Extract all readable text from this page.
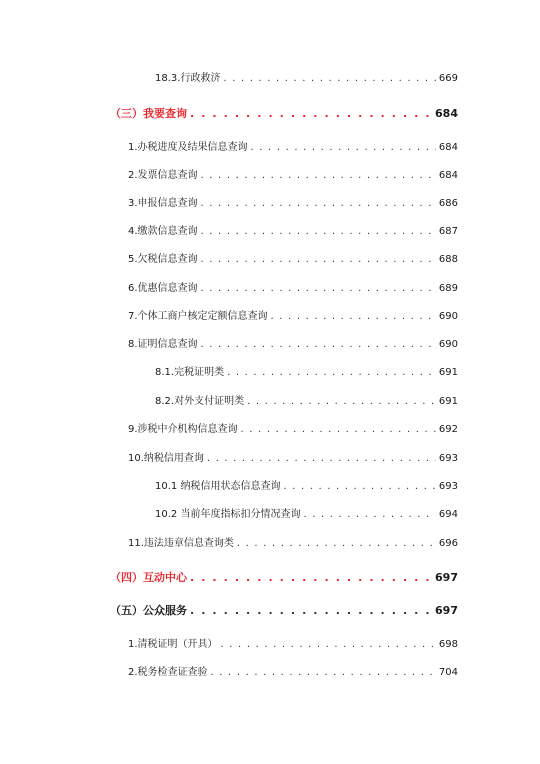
18.3.行政救济 . . .	669
（三）我要查询 . . .	684
1.办税进度及结果信息查询 . . .	684
2.发票信息查询 . . .	684
3.申报信息查询 . . .	686
4.缴款信息查询 . . .	687
5.欠税信息查询 . . .	688
6.优惠信息查询 . . .	689
7.个体工商户核定定额信息查询 . . .	690
8.证明信息查询 . . .	690
8.1.完税证明类 . . .	691
8.2.对外支付证明类 . . .	691
9.涉税中介机构信息查询 . . .	692
10.纳税信用查询 . . .	693
10.1 纳税信用状态信息查询 . . .	693
10.2 当前年度指标扣分情况查询 . . .	694
11.违法违章信息查询类 . . .	696
（四）互动中心 . . .	697
（五）公众服务 . . .	697
1.清税证明（开具） . . .	698
2.税务检查证查验 . . .	704
